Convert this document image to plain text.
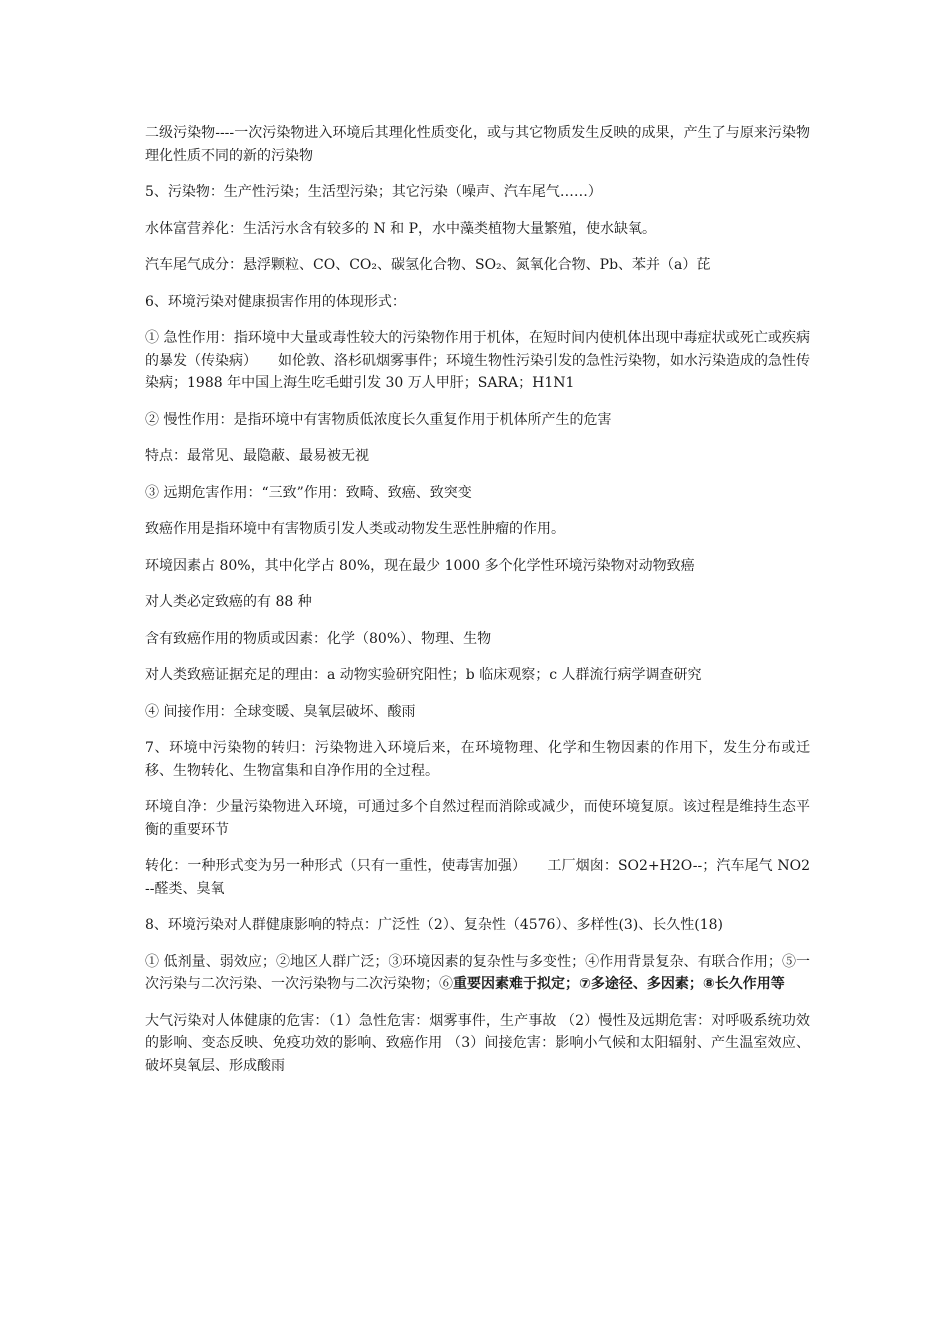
二级污染物----一次污染物进入环境后其理化性质变化，或与其它物质发生反映的成果，产生了与原来污染物理化性质不同的新的污染物

5、污染物：生产性污染；生活型污染；其它污染（噪声、汽车尾气……）

水体富营养化：生活污水含有较多的 N 和 P，水中藻类植物大量繁殖，使水缺氧。

汽车尾气成分：悬浮颗粒、CO、CO₂、碳氢化合物、SO₂、氮氧化合物、Pb、苯并（a）芘

6、环境污染对健康损害作用的体现形式：

① 急性作用：指环境中大量或毒性较大的污染物作用于机体，在短时间内使机体出现中毒症状或死亡或疾病的暴发（传染病）　　如伦敦、洛杉矶烟雾事件；环境生物性污染引发的急性污染物，如水污染造成的急性传染病；1988 年中国上海生吃毛蚶引发 30 万人甲肝；SARA；H1N1

② 慢性作用：是指环境中有害物质低浓度长久重复作用于机体所产生的危害

特点：最常见、最隐蔽、最易被无视

③ 远期危害作用：“三致”作用：致畸、致癌、致突变

致癌作用是指环境中有害物质引发人类或动物发生恶性肿瘤的作用。

环境因素占 80%，其中化学占 80%，现在最少 1000 多个化学性环境污染物对动物致癌

对人类必定致癌的有 88 种

含有致癌作用的物质或因素：化学（80%）、物理、生物

对人类致癌证据充足的理由：a 动物实验研究阳性；b 临床观察；c 人群流行病学调查研究

④ 间接作用：全球变暖、臭氧层破坏、酸雨

7、环境中污染物的转归：污染物进入环境后来，在环境物理、化学和生物因素的作用下，发生分布或迁移、生物转化、生物富集和自净作用的全过程。

环境自净：少量污染物进入环境，可通过多个自然过程而消除或减少，而使环境复原。该过程是维持生态平衡的重要环节

转化：一种形式变为另一种形式（只有一重性，使毒害加强）　　工厂烟囱：SO2+H2O--；汽车尾气 NO2--醛类、臭氧

8、环境污染对人群健康影响的特点：广泛性（2）、复杂性（4576）、多样性(3)、长久性(18)

① 低剂量、弱效应；②地区人群广泛；③环境因素的复杂性与多变性；④作用背景复杂、有联合作用；⑤一次污染与二次污染、一次污染物与二次污染物；⑥重要因素难于拟定；⑦多途径、多因素；⑧长久作用等

大气污染对人体健康的危害：（1）急性危害：烟雾事件，生产事故 （2）慢性及远期危害：对呼吸系统功效的影响、变态反映、免疫功效的影响、致癌作用 （3）间接危害：影响小气候和太阳辐射、产生温室效应、破坏臭氧层、形成酸雨
